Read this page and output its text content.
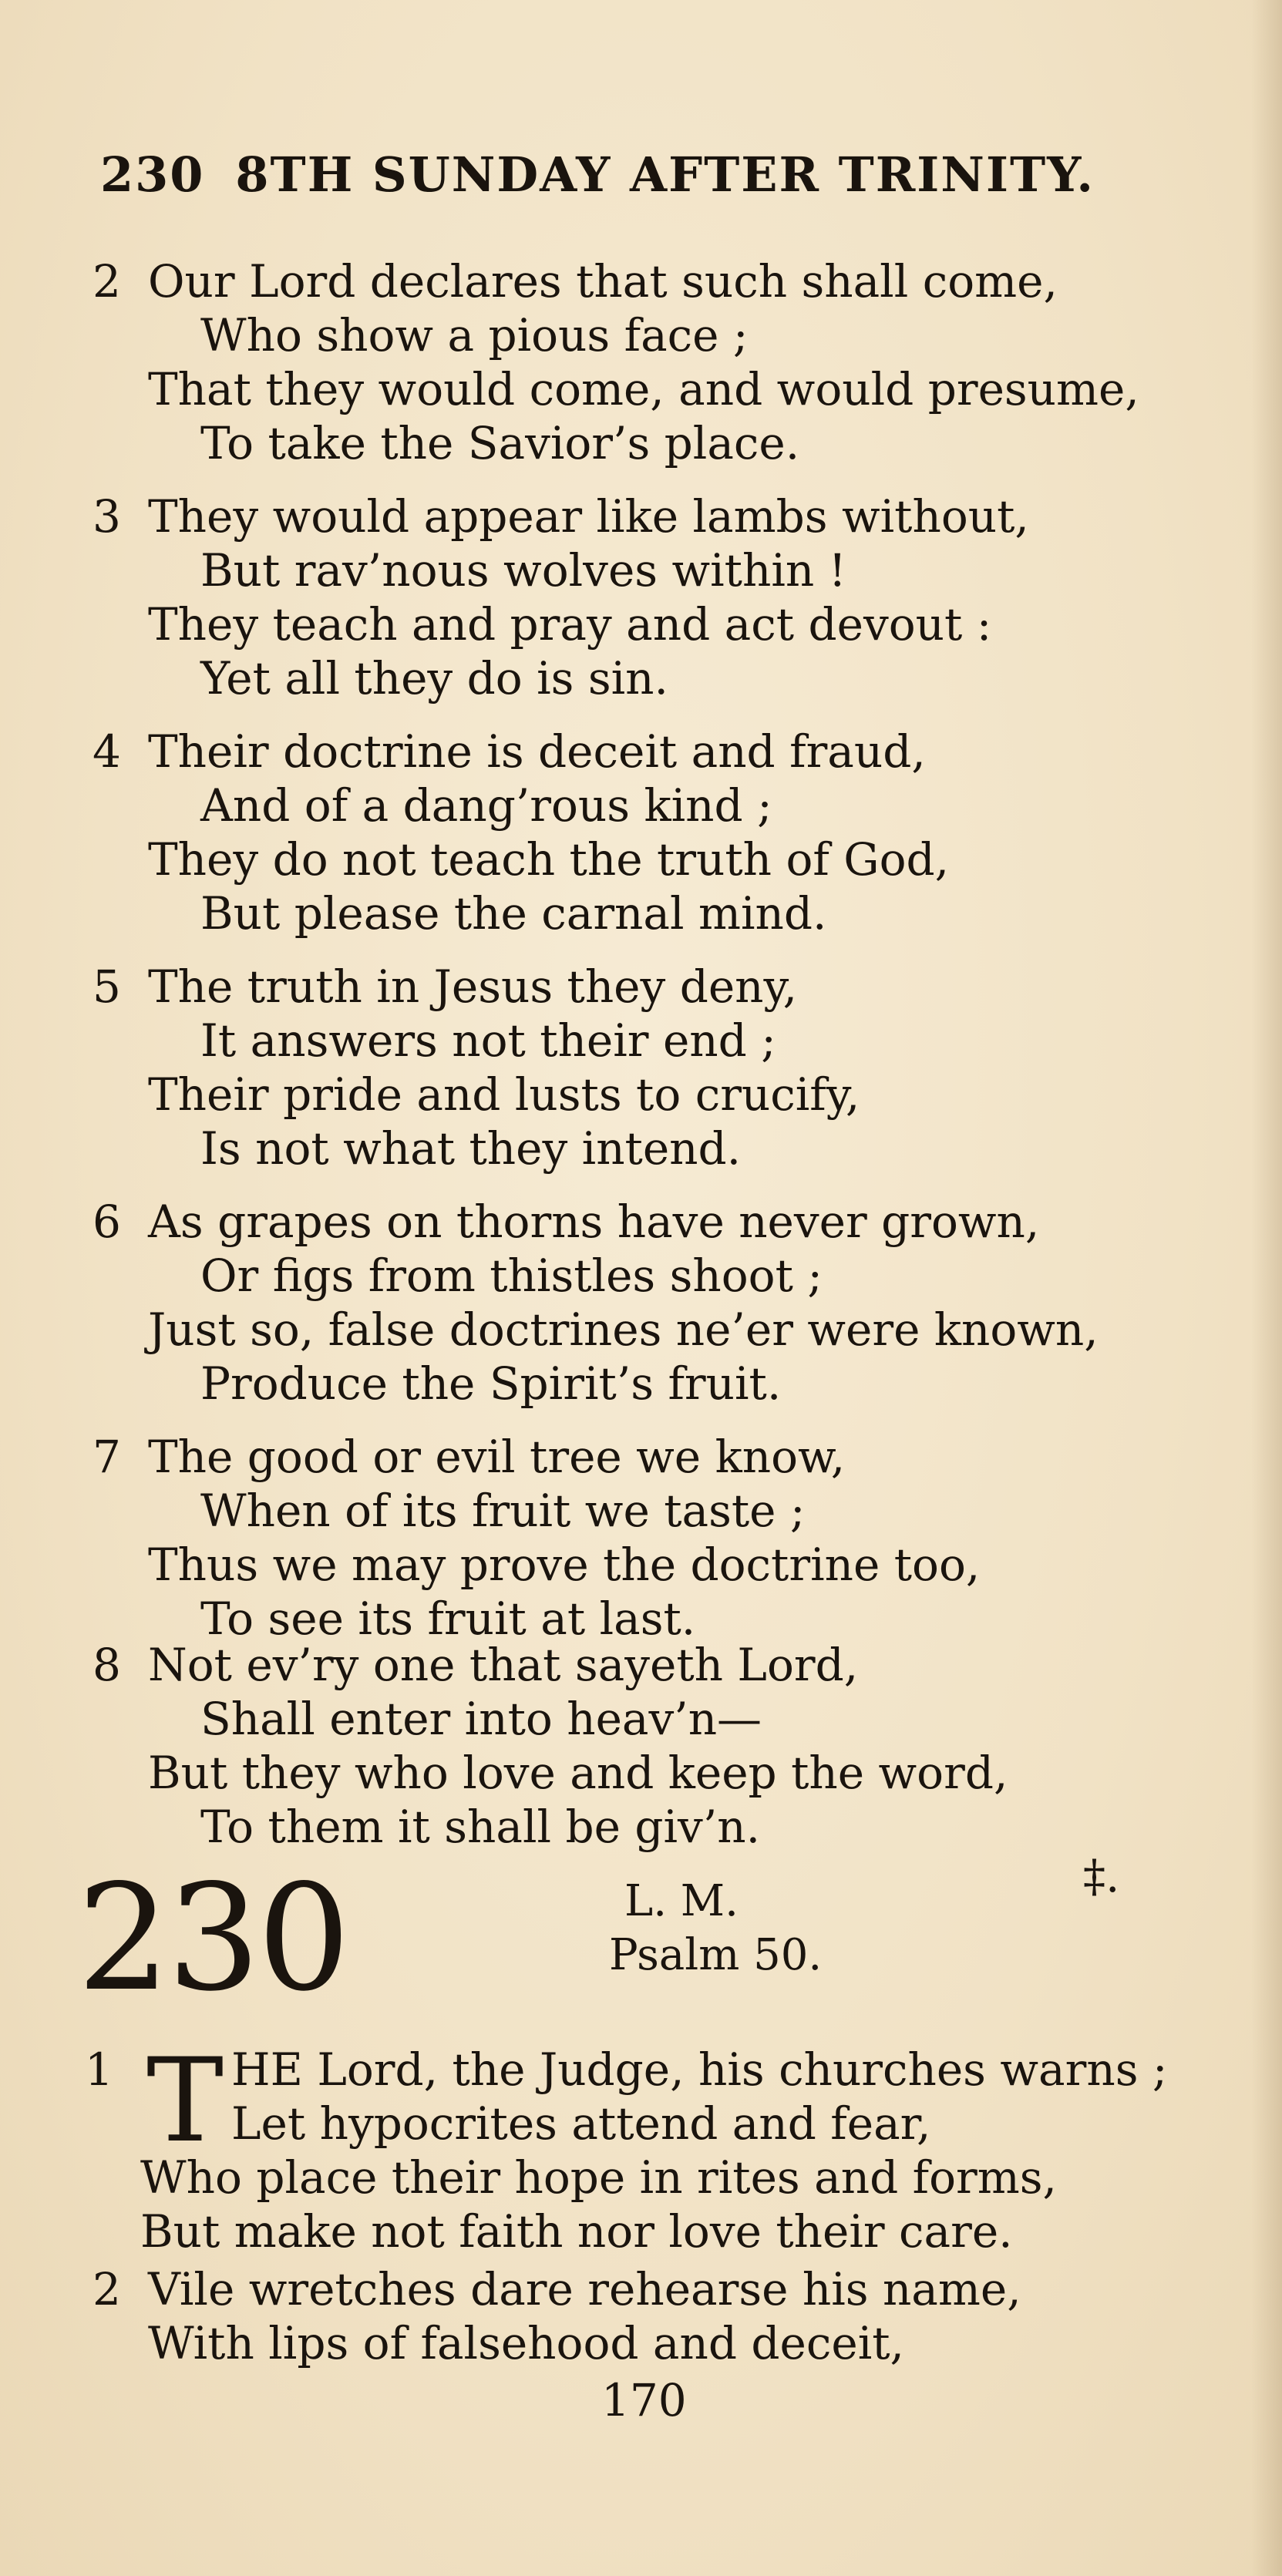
230 8TH SUNDAY AFTER TRINITY.
2 Our Lord declares that such shall come,
Who show a pious face ;
That they would come, and would presume,
To take the Savior’s place.
3 They would appear like lambs without,
But rav’nous wolves within !
They teach and pray and act devout :
Yet all they do is sin.
4 Their doctrine is deceit and fraud,
And of a dang’rous kind ;
They do not teach the truth of God,
But please the carnal mind.
5 The truth in Jesus they deny,
It answers not their end ;
Their pride and lusts to crucify,
Is not what they intend.
6 As grapes on thorns have never grown,
Or figs from thistles shoot ;
Just so, false doctrines ne’er were known,
Produce the Spirit’s fruit.
7 The good or evil tree we know,
When of its fruit we taste ;
Thus we may prove the doctrine too,
To see its fruit at last.
8 Not ev’ry one that sayeth Lord,
Shall enter into heav’n—
But they who love and keep the word,
To them it shall be giv’n.
‡.
230	L. M.
Psalm 50.
1 T HE Lord, the Judge, his churches warns ;
Let hypocrites attend and fear,
Who place their hope in rites and forms,
But make not faith nor love their care.
2 Vile wretches dare rehearse his name,
With lips of falsehood and deceit,
170
